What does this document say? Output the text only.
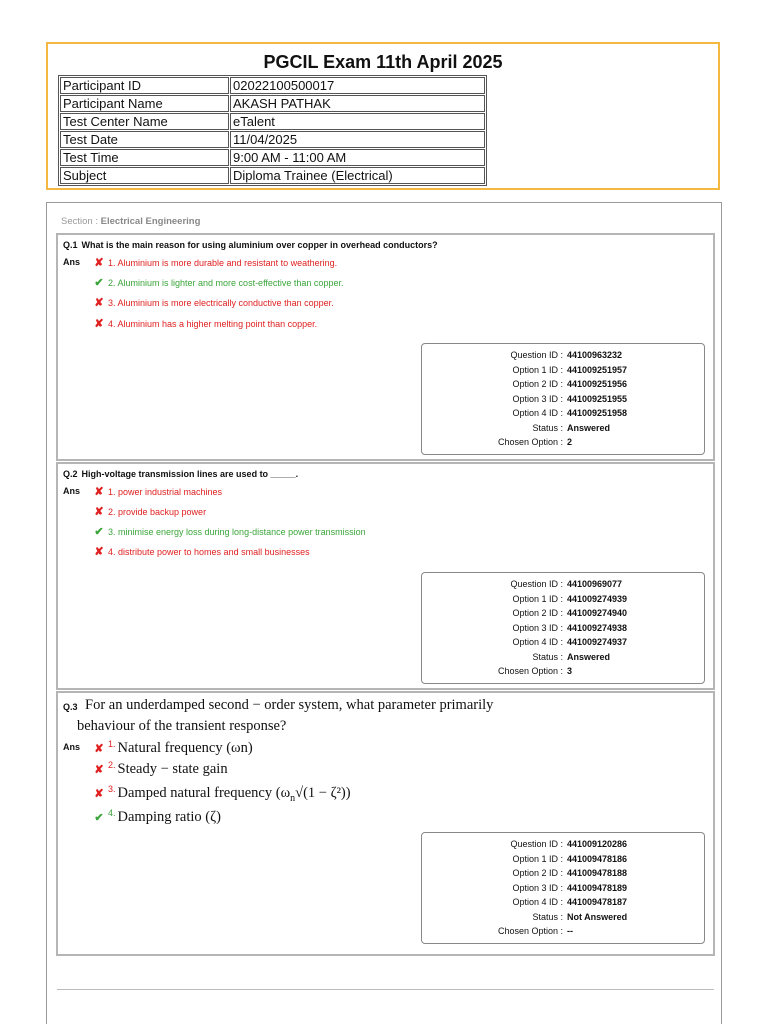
PGCIL Exam 11th April 2025
Participant ID	02022100500017
Participant Name	AKASH PATHAK
Test Center Name	eTalent
Test Date	11/04/2025
Test Time	9:00 AM - 11:00 AM
Subject	Diploma Trainee (Electrical)
Section : Electrical Engineering
Q.1 What is the main reason for using aluminium over copper in overhead conductors?
Ans ✘ 1. Aluminium is more durable and resistant to weathering.
✔ 2. Aluminium is lighter and more cost-effective than copper.
✘ 3. Aluminium is more electrically conductive than copper.
✘ 4. Aluminium has a higher melting point than copper.
Question ID : 44100963232
Option 1 ID : 441009251957
Option 2 ID : 441009251956
Option 3 ID : 441009251955
Option 4 ID : 441009251958
Status : Answered
Chosen Option : 2
Q.2 High-voltage transmission lines are used to _____.
Ans ✘ 1. power industrial machines
✘ 2. provide backup power
✔ 3. minimise energy loss during long-distance power transmission
✘ 4. distribute power to homes and small businesses
Question ID : 44100969077
Option 1 ID : 441009274939
Option 2 ID : 441009274940
Option 3 ID : 441009274938
Option 4 ID : 441009274937
Status : Answered
Chosen Option : 3
Q.3 For an underdamped second − order system, what parameter primarily
behaviour of the transient response?
Ans ✘ $^{1.}$ Natural frequency (ωn)
✘ $^{2.}$ Steady − state gain
✘ $^{3.}$ Damped natural frequency $(\omega_n√(1 - \zeta^2))$
✔ $^{4.}$ Damping ratio (ζ)
Question ID : 441009120286
Option 1 ID : 441009478186
Option 2 ID : 441009478188
Option 3 ID : 441009478189
Option 4 ID : 441009478187
Status : Not Answered
Chosen Option : --
